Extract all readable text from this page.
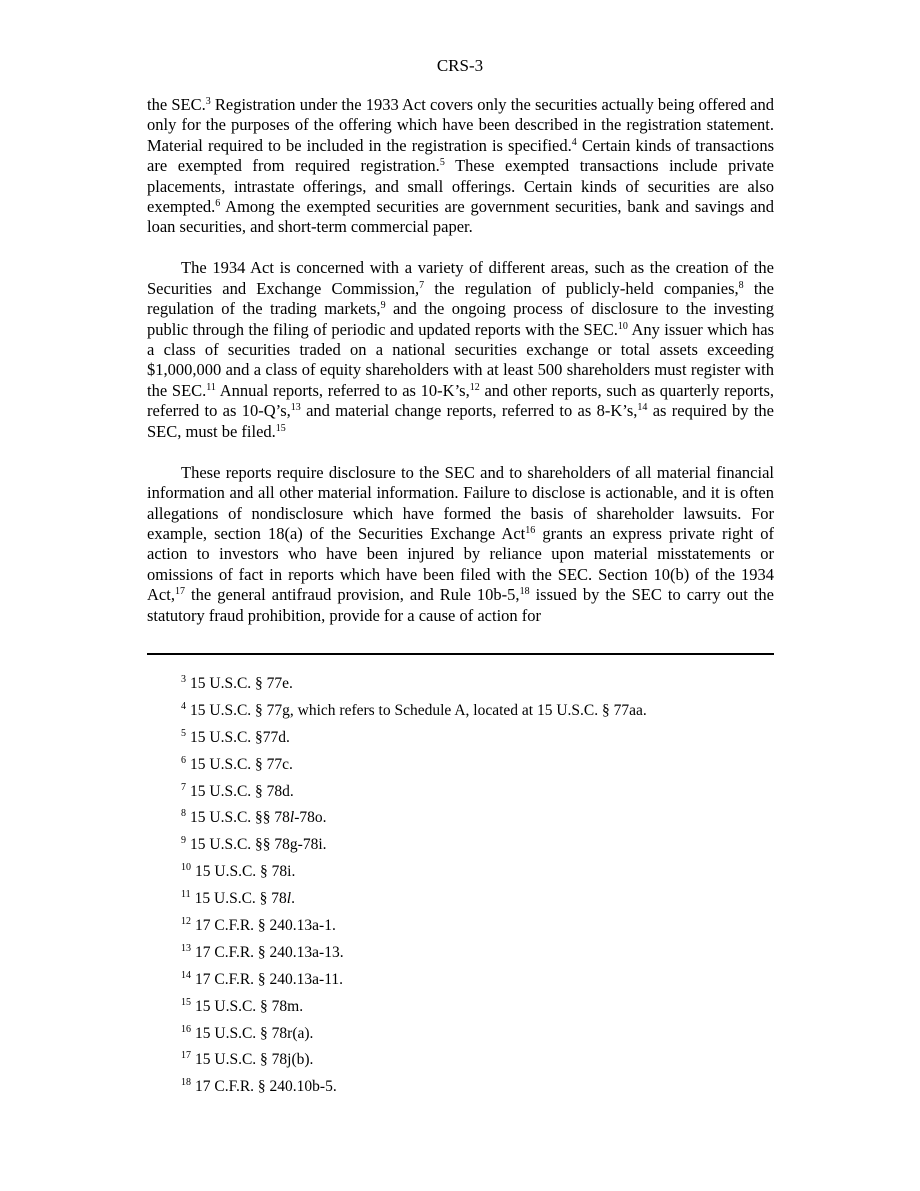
CRS-3

the SEC.$^3$ Registration under the 1933 Act covers only the securities actually being offered and only for the purposes of the offering which have been described in the registration statement. Material required to be included in the registration is specified.$^4$ Certain kinds of transactions are exempted from required registration.$^5$ These exempted transactions include private placements, intrastate offerings, and small offerings. Certain kinds of securities are also exempted.$^6$ Among the exempted securities are government securities, bank and savings and loan securities, and short-term commercial paper.

The 1934 Act is concerned with a variety of different areas, such as the creation of the Securities and Exchange Commission,$^7$ the regulation of publicly-held companies,$^8$ the regulation of the trading markets,$^9$ and the ongoing process of disclosure to the investing public through the filing of periodic and updated reports with the SEC.$^{10}$ Any issuer which has a class of securities traded on a national securities exchange or total assets exceeding $1,000,000 and a class of equity shareholders with at least 500 shareholders must register with the SEC.$^{11}$ Annual reports, referred to as 10-K’s,$^{12}$ and other reports, such as quarterly reports, referred to as 10-Q’s,$^{13}$ and material change reports, referred to as 8-K’s,$^{14}$ as required by the SEC, must be filed.$^{15}$

These reports require disclosure to the SEC and to shareholders of all material financial information and all other material information. Failure to disclose is actionable, and it is often allegations of nondisclosure which have formed the basis of shareholder lawsuits. For example, section 18(a) of the Securities Exchange Act$^{16}$ grants an express private right of action to investors who have been injured by reliance upon material misstatements or omissions of fact in reports which have been filed with the SEC. Section 10(b) of the 1934 Act,$^{17}$ the general antifraud provision, and Rule 10b-5,18 issued by the SEC to carry out the statutory fraud prohibition, provide for a cause of action for

$^3$ 15 U.S.C. § 77e.
$^4$ 15 U.S.C. § 77g, which refers to Schedule A, located at 15 U.S.C. § 77aa.
$^5$ 15 U.S.C. §77d.
$^6$ 15 U.S.C. § 77c.
$^7$ 15 U.S.C. § 78d.
$^8$ 15 U.S.C. §§ 78l-78o.
$^9$ 15 U.S.C. §§ 78g-78i.
$^{10}$ 15 U.S.C. § 78i.
$^{11}$ 15 U.S.C. § 78l.
$^{12}$ 17 C.F.R. § 240.13a-1.
$^{13}$ 17 C.F.R. § 240.13a-13.
$^{14}$ 17 C.F.R. § 240.13a-11.
$^{15}$ 15 U.S.C. § 78m.
$^{16}$ 15 U.S.C. § 78r(a).
$^{17}$ 15 U.S.C. § 78j(b).
$^{18}$ 17 C.F.R. § 240.10b-5.
